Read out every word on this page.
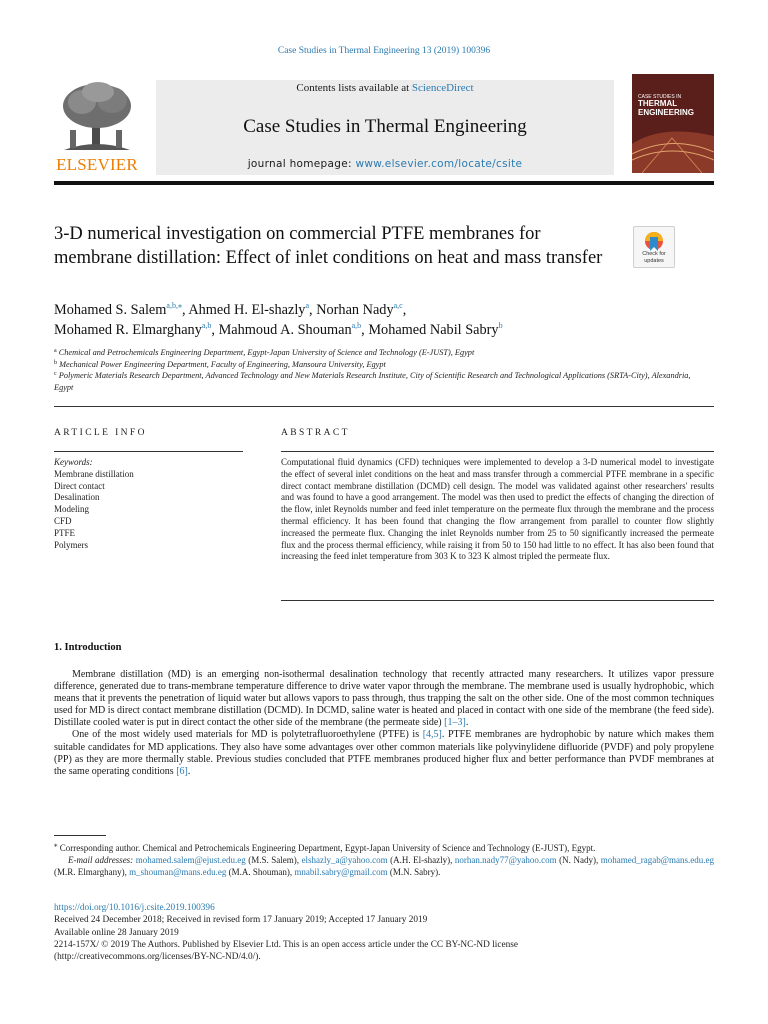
Case Studies in Thermal Engineering 13 (2019) 100396
ELSEVIER
Contents lists available at ScienceDirect
Case Studies in Thermal Engineering
journal homepage: www.elsevier.com/locate/csite
CASE STUDIES IN
THERMAL
ENGINEERING
3-D numerical investigation on commercial PTFE membranes for membrane distillation: Effect of inlet conditions on heat and mass transfer	Check for
updates
Mohamed S. Salem$^{a,b,⁎}$, Ahmed H. El-shazly$^a$, Norhan Nady$^{a,c}$,
Mohamed R. Elmarghany$^{a,b}$, Mahmoud A. Shouman$^{a,b}$, Mohamed Nabil Sabry$^b$
$^a$ Chemical and Petrochemicals Engineering Department, Egypt-Japan University of Science and Technology (E-JUST), Egypt
$^b$ Mechanical Power Engineering Department, Faculty of Engineering, Mansoura University, Egypt
$^c$ Polymeric Materials Research Department, Advanced Technology and New Materials Research Institute, City of Scientific Research and Technological Applications (SRTA-City), Alexandria, Egypt
ARTICLE INFO
Keywords:
Membrane distillation
Direct contact
Desalination
Modeling
CFD
PTFE
Polymers
ABSTRACT
Computational fluid dynamics (CFD) techniques were implemented to develop a 3-D numerical model to investigate the effect of several inlet conditions on the heat and mass transfer through a commercial PTFE membrane in a specific direct contact membrane distillation (DCMD) cell design. The model was validated against other researchers' results and was found to have a good arrangement. The model was then used to predict the effects of changing the direction of the flow, inlet Reynolds number and feed inlet temperature on the permeate flux through the membrane and the process thermal efficiency. It has been found that changing the flow arrangement from parallel to counter flow slightly increased the permeate flux. Changing the inlet Reynolds number from 25 to 50 significantly increased the permeate flux and the process thermal efficiency, while raising it from 50 to 150 had little to no effect. It has also been found that increasing the feed inlet temperature from 303 K to 323 K almost tripled the permeate flux.
1. Introduction

Membrane distillation (MD) is an emerging non-isothermal desalination technology that recently attracted many researchers. It utilizes vapor pressure difference, generated due to trans-membrane temperature difference to drive water vapor through the membrane. The membrane used is usually hydrophobic, which means that it prevents the penetration of liquid water but allows vapors to pass through, thus trapping the salt on the other side. One of the most common techniques used for MD is direct contact membrane distillation (DCMD). In DCMD, saline water is heated and placed in contact with one side of the membrane (the feed side). Distillate cooled water is put in direct contact the other side of the membrane (the permeate side) [1–3].

One of the most widely used materials for MD is polytetrafluoroethylene (PTFE) is [4,5]. PTFE membranes are hydrophobic by nature which makes them suitable candidates for MD applications. They also have some advantages over other common materials like polyvinylidene difluoride (PVDF) and poly propylene (PP) as they are more thermally stable. Previous studies concluded that PTFE membranes produced higher flux and better performance than PVDF membranes at the same operating conditions [6].

⁎ Corresponding author. Chemical and Petrochemicals Engineering Department, Egypt-Japan University of Science and Technology (E-JUST), Egypt.

E-mail addresses: mohamed.salem@ejust.edu.eg (M.S. Salem), elshazly_a@yahoo.com (A.H. El-shazly), norhan.nady77@yahoo.com (N. Nady), mohamed_ragab@mans.edu.eg (M.R. Elmarghany), m_shouman@mans.edu.eg (M.A. Shouman), mnabil.sabry@gmail.com (M.N. Sabry).

https://doi.org/10.1016/j.csite.2019.100396
Received 24 December 2018; Received in revised form 17 January 2019; Accepted 17 January 2019
Available online 28 January 2019
2214-157X/ © 2019 The Authors. Published by Elsevier Ltd. This is an open access article under the CC BY-NC-ND license
(http://creativecommons.org/licenses/BY-NC-ND/4.0/).
